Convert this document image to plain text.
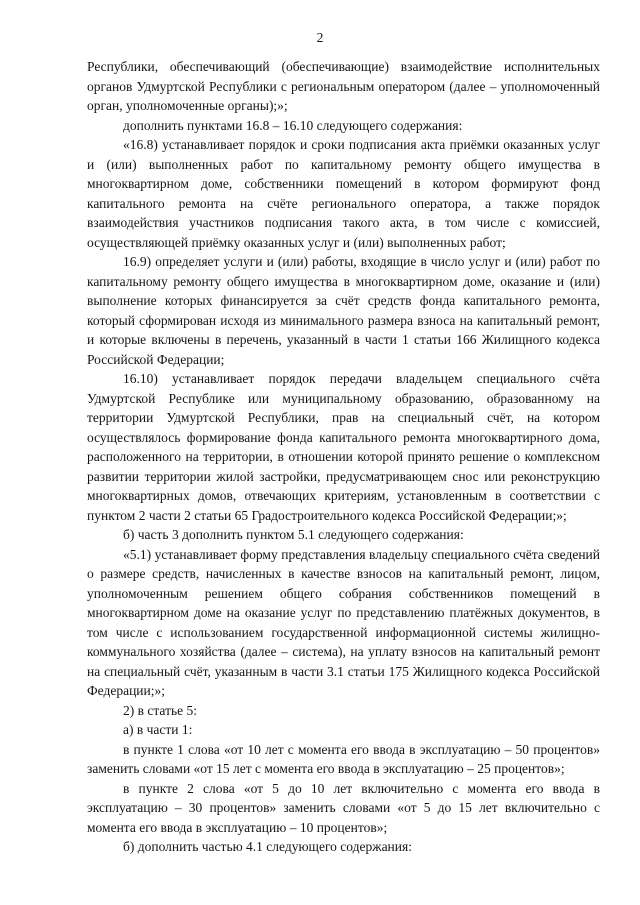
2

Республики, обеспечивающий (обеспечивающие) взаимодействие исполнительных органов Удмуртской Республики с региональным оператором (далее – уполномоченный орган, уполномоченные органы);»;

дополнить пунктами 16.8 – 16.10 следующего содержания:

«16.8) устанавливает порядок и сроки подписания акта приёмки оказанных услуг и (или) выполненных работ по капитальному ремонту общего имущества в многоквартирном доме, собственники помещений в котором формируют фонд капитального ремонта на счёте регионального оператора, а также порядок взаимодействия участников подписания такого акта, в том числе с комиссией, осуществляющей приёмку оказанных услуг и (или) выполненных работ;

16.9) определяет услуги и (или) работы, входящие в число услуг и (или) работ по капитальному ремонту общего имущества в многоквартирном доме, оказание и (или) выполнение которых финансируется за счёт средств фонда капитального ремонта, который сформирован исходя из минимального размера взноса на капитальный ремонт, и которые включены в перечень, указанный в части 1 статьи 166 Жилищного кодекса Российской Федерации;

16.10) устанавливает порядок передачи владельцем специального счёта Удмуртской Республике или муниципальному образованию, образованному на территории Удмуртской Республики, прав на специальный счёт, на котором осуществлялось формирование фонда капитального ремонта многоквартирного дома, расположенного на территории, в отношении которой принято решение о комплексном развитии территории жилой застройки, предусматривающем снос или реконструкцию многоквартирных домов, отвечающих критериям, установленным в соответствии с пунктом 2 части 2 статьи 65 Градостроительного кодекса Российской Федерации;»;

б) часть 3 дополнить пунктом 5.1 следующего содержания:

«5.1) устанавливает форму представления владельцу специального счёта сведений о размере средств, начисленных в качестве взносов на капитальный ремонт, лицом, уполномоченным решением общего собрания собственников помещений в многоквартирном доме на оказание услуг по представлению платёжных документов, в том числе с использованием государственной информационной системы жилищно-коммунального хозяйства (далее – система), на уплату взносов на капитальный ремонт на специальный счёт, указанным в части 3.1 статьи 175 Жилищного кодекса Российской Федерации;»;

2) в статье 5:

а) в части 1:

в пункте 1 слова «от 10 лет с момента его ввода в эксплуатацию – 50 процентов» заменить словами «от 15 лет с момента его ввода в эксплуатацию – 25 процентов»;

в пункте 2 слова «от 5 до 10 лет включительно с момента его ввода в эксплуатацию – 30 процентов» заменить словами «от 5 до 15 лет включительно с момента его ввода в эксплуатацию – 10 процентов»;

б) дополнить частью 4.1 следующего содержания:
